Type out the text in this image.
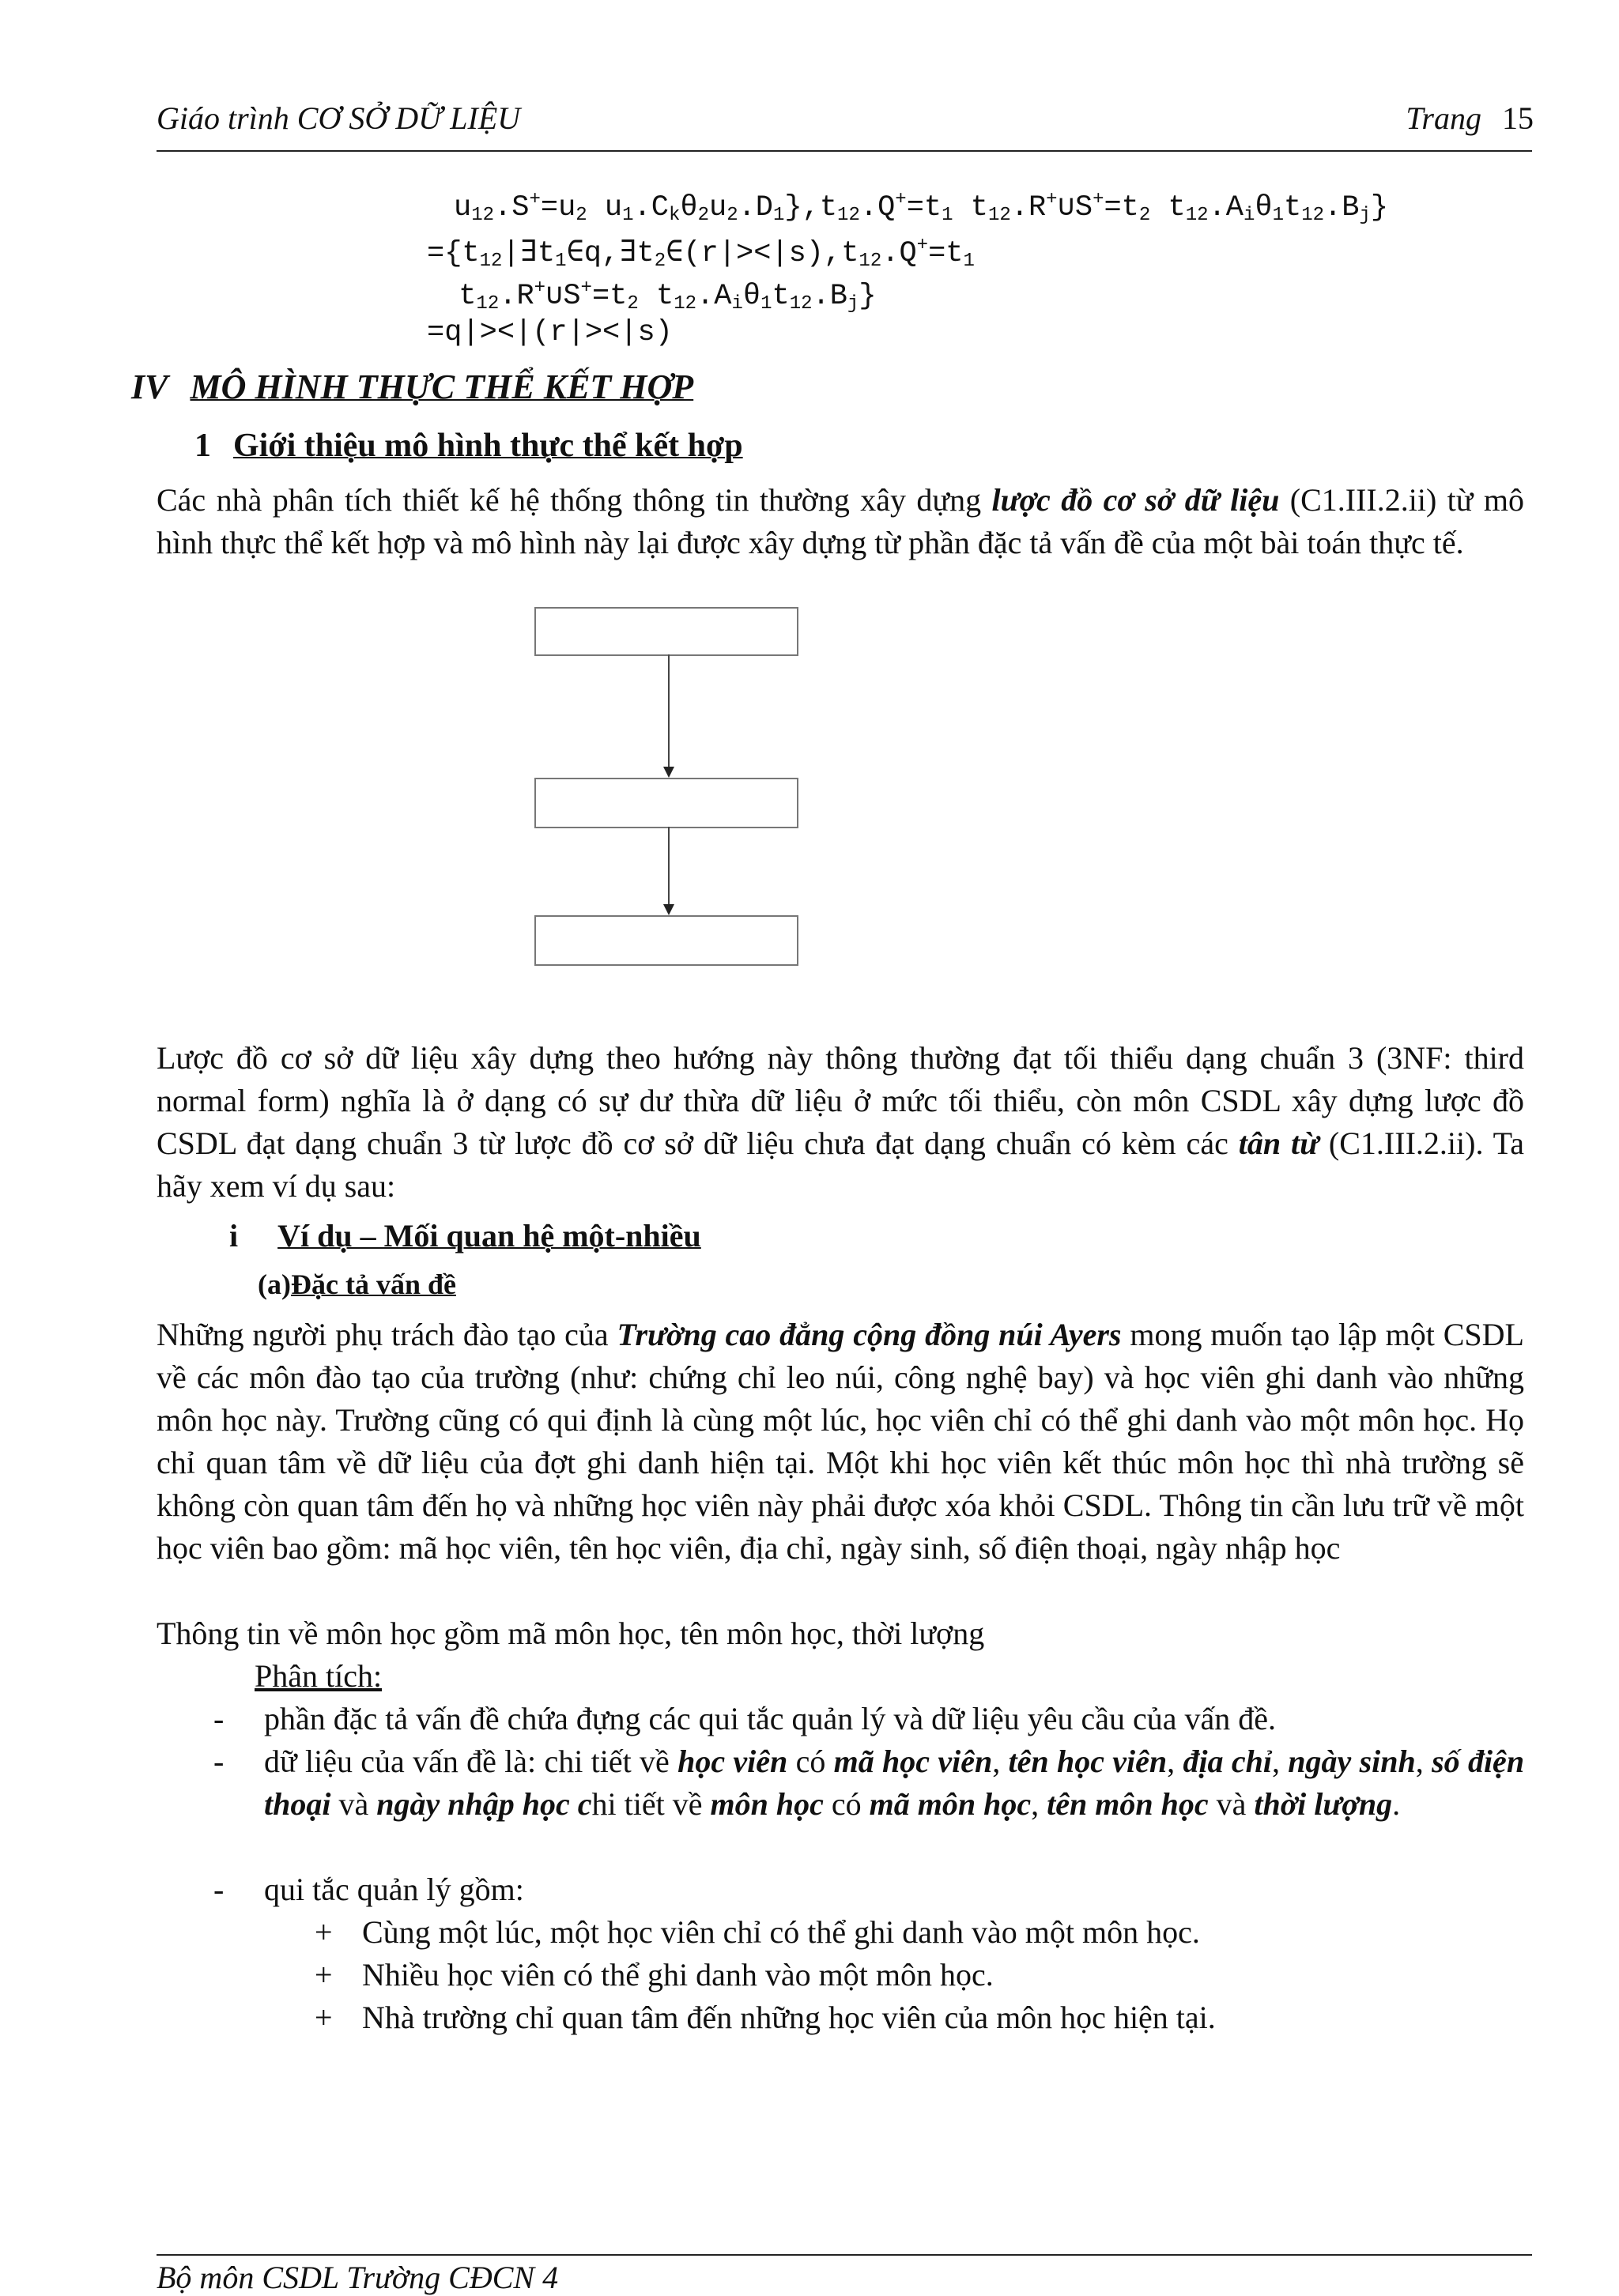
Giáo trình CƠ SỞ DỮ LIỆU	Trang 15
$u_{12}.S^+=u_2$ $u_1.C_k\theta_2u_2.D_1\},t_{12}.Q^+=t_1$ $t_{12}.R^+\cup S^+=t_2$ $t_{12}.A_i\theta_1t_{12}.B_j$}
$=\{t_{12}|\exists t_1\in q,\exists t_2\in(r|><|s),t_{12}.Q^+=t_1$
$t_{12}.R^+\cup S^+=t_2$ $t_{12}.A_i\theta_1t_{12}.B_j$}
=q|><|(r|><|s)
IV MÔ HÌNH THỰC THỂ KẾT HỢP
1 Giới thiệu mô hình thực thể kết hợp
Các nhà phân tích thiết kế hệ thống thông tin thường xây dựng lược đồ cơ sở dữ liệu (C1.III.2.ii) từ mô hình thực thể kết hợp và mô hình này lại được xây dựng từ phần đặc tả vấn đề của một bài toán thực tế.
Lược đồ cơ sở dữ liệu xây dựng theo hướng này thông thường đạt tối thiểu dạng chuẩn 3 (3NF: third normal form) nghĩa là ở dạng có sự dư thừa dữ liệu ở mức tối thiểu, còn môn CSDL xây dựng lược đồ CSDL đạt dạng chuẩn 3 từ lược đồ cơ sở dữ liệu chưa đạt dạng chuẩn có kèm các tân từ (C1.III.2.ii). Ta hãy xem ví dụ sau:
i Ví dụ – Mối quan hệ một-nhiều
(a)Đặc tả vấn đề
Những người phụ trách đào tạo của Trường cao đẳng cộng đồng núi Ayers mong muốn tạo lập một CSDL về các môn đào tạo của trường (như: chứng chỉ leo núi, công nghệ bay) và học viên ghi danh vào những môn học này. Trường cũng có qui định là cùng một lúc, học viên chỉ có thể ghi danh vào một môn học. Họ chỉ quan tâm về dữ liệu của đợt ghi danh hiện tại. Một khi học viên kết thúc môn học thì nhà trường sẽ không còn quan tâm đến họ và những học viên này phải được xóa khỏi CSDL. Thông tin cần lưu trữ về một học viên bao gồm: mã học viên, tên học viên, địa chỉ, ngày sinh, số điện thoại, ngày nhập học
Thông tin về môn học gồm mã môn học, tên môn học, thời lượng
Phân tích:
- phần đặc tả vấn đề chứa đựng các qui tắc quản lý và dữ liệu yêu cầu của vấn đề.
- dữ liệu của vấn đề là: chi tiết về học viên có mã học viên, tên học viên, địa chỉ, ngày sinh, số điện thoại và ngày nhập học chi tiết về môn học có mã môn học, tên môn học và thời lượng.
- qui tắc quản lý gồm:
+ Cùng một lúc, một học viên chỉ có thể ghi danh vào một môn học.
+ Nhiều học viên có thể ghi danh vào một môn học.
+ Nhà trường chỉ quan tâm đến những học viên của môn học hiện tại.
Bộ môn CSDL Trường CĐCN 4
